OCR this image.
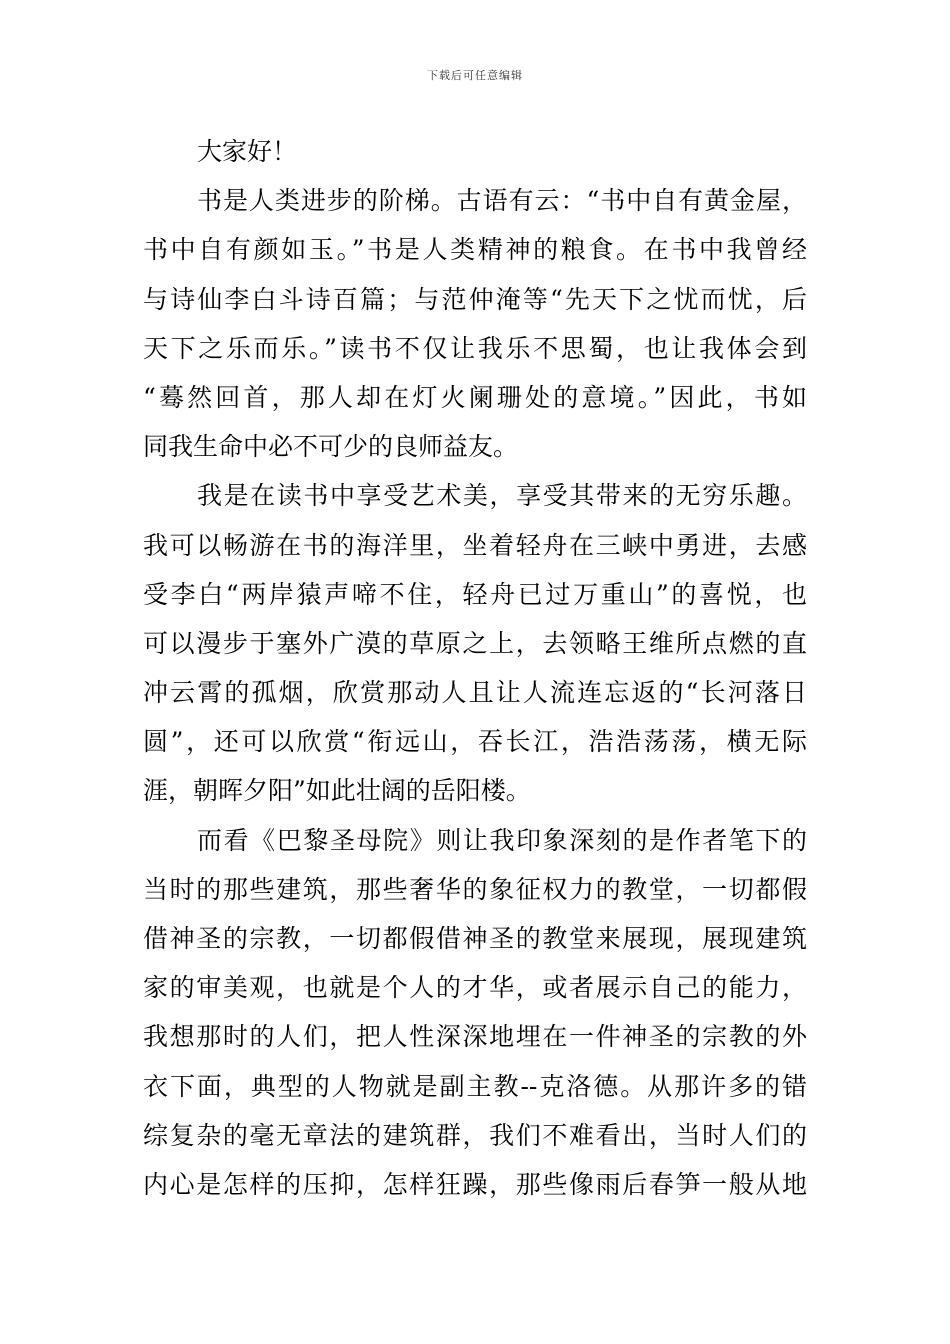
下载后可任意编辑
大家好！
书是人类进步的阶梯。古语有云：“书中自有黄金屋，
书中自有颜如玉。”书是人类精神的粮食。在书中我曾经
与诗仙李白斗诗百篇；与范仲淹等“先天下之忧而忧，后
天下之乐而乐。”读书不仅让我乐不思蜀，也让我体会到
“蓦然回首，那人却在灯火阑珊处的意境。”因此，书如
同我生命中必不可少的良师益友。
我是在读书中享受艺术美，享受其带来的无穷乐趣。
我可以畅游在书的海洋里，坐着轻舟在三峡中勇进，去感
受李白“两岸猿声啼不住，轻舟已过万重山”的喜悦，也
可以漫步于塞外广漠的草原之上，去领略王维所点燃的直
冲云霄的孤烟，欣赏那动人且让人流连忘返的“长河落日
圆”，还可以欣赏“衔远山，吞长江，浩浩荡荡，横无际
涯，朝晖夕阳”如此壮阔的岳阳楼。
而看《巴黎圣母院》则让我印象深刻的是作者笔下的
当时的那些建筑，那些奢华的象征权力的教堂，一切都假
借神圣的宗教，一切都假借神圣的教堂来展现，展现建筑
家的审美观，也就是个人的才华，或者展示自己的能力，
我想那时的人们，把人性深深地埋在一件神圣的宗教的外
衣下面，典型的人物就是副主教--克洛德。从那许多的错
综复杂的毫无章法的建筑群，我们不难看出，当时人们的
内心是怎样的压抑，怎样狂躁，那些像雨后春笋一般从地
